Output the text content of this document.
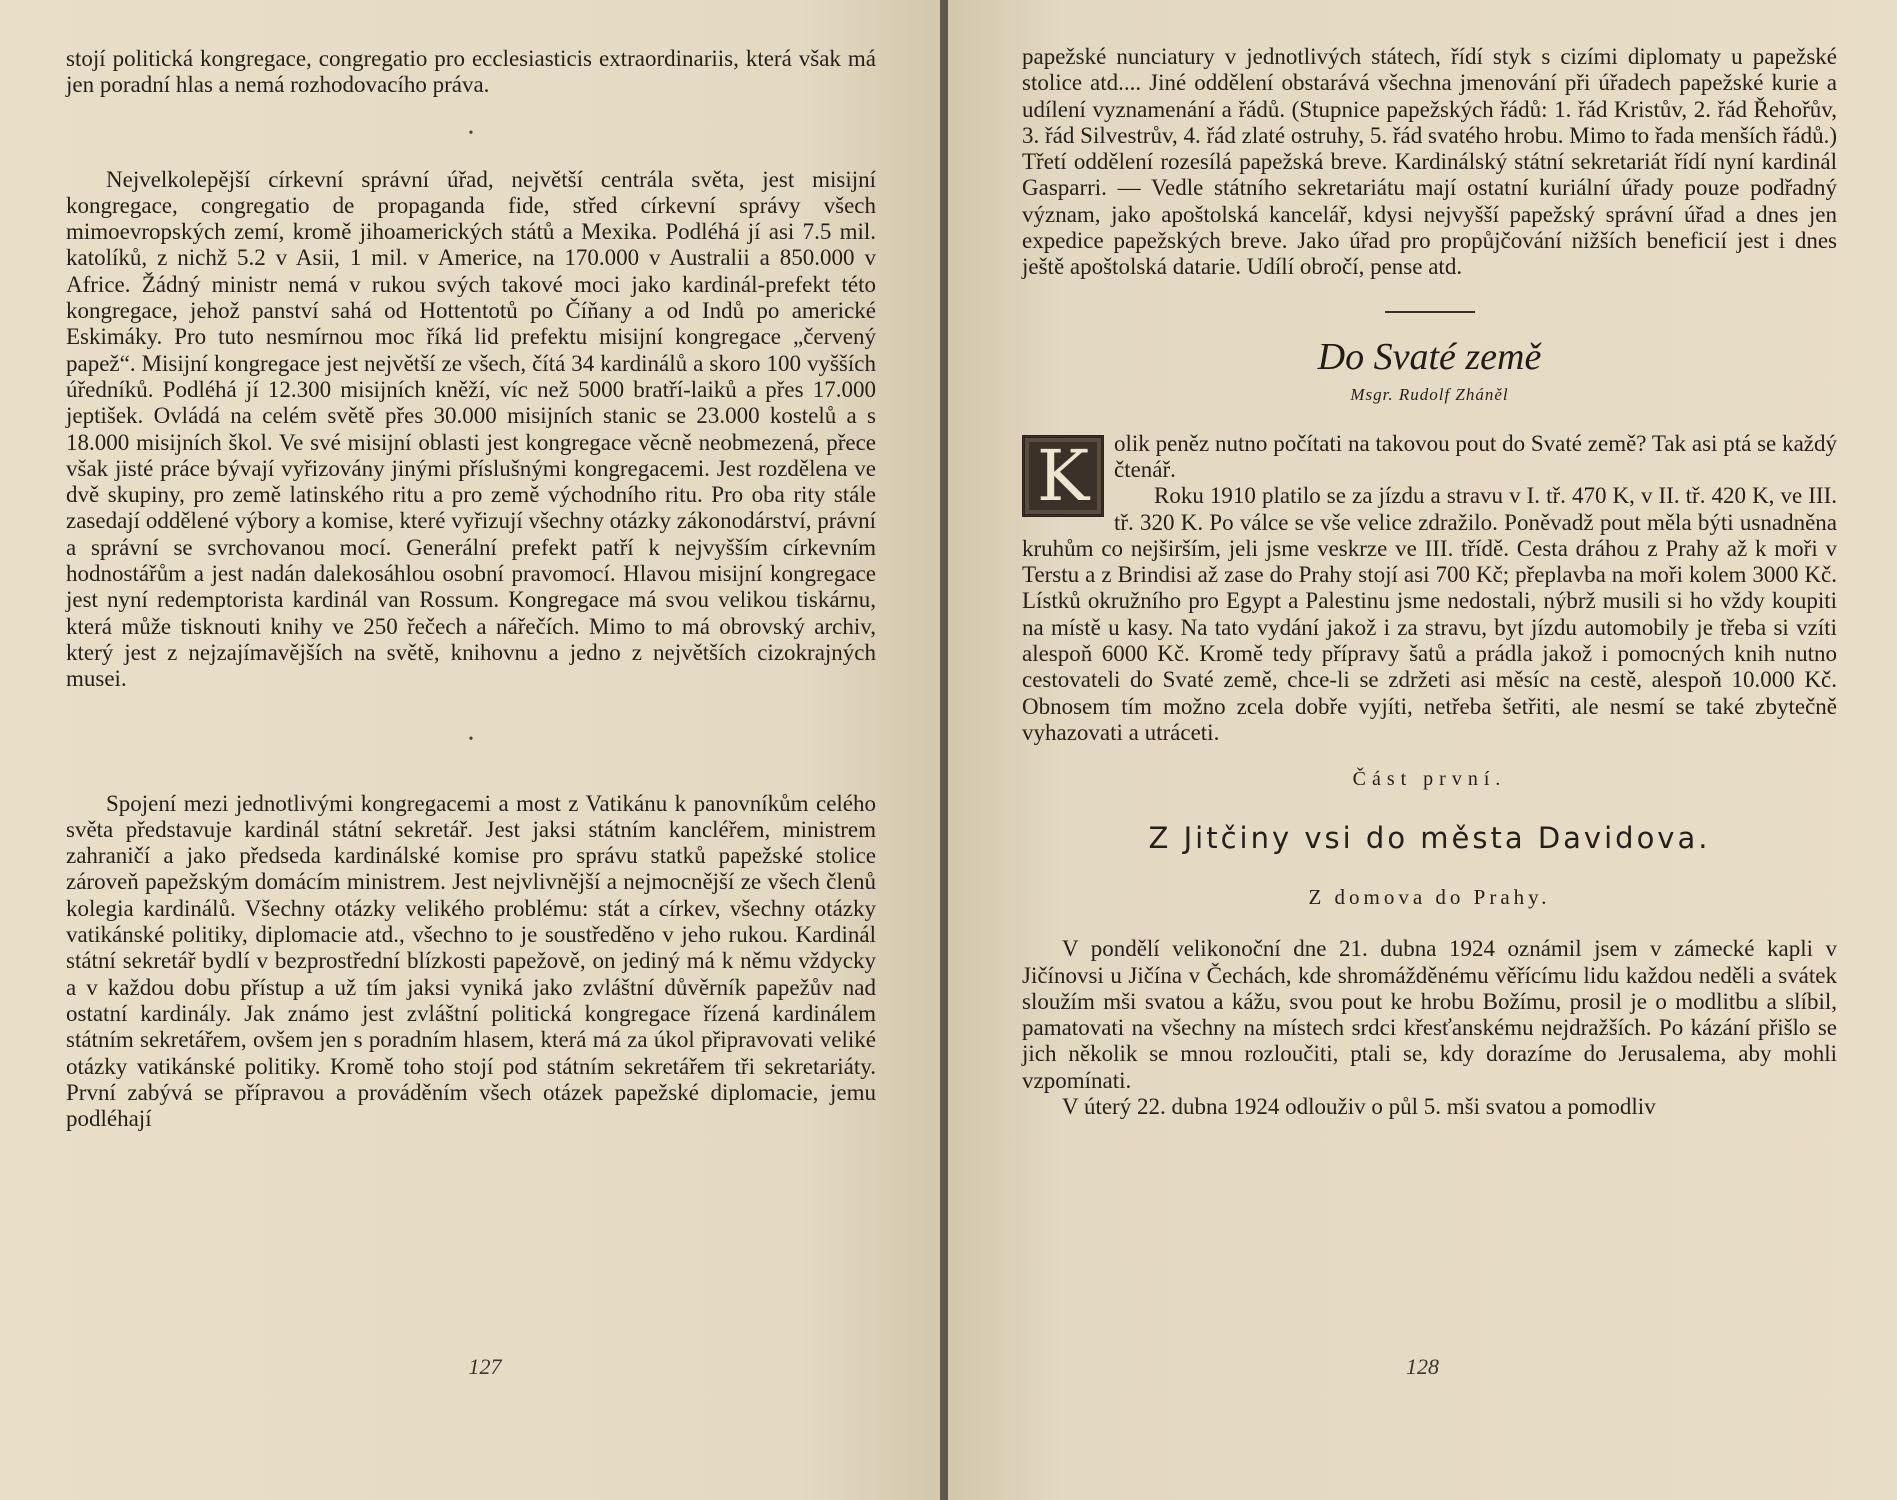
stojí politická kongregace, congregatio pro ecclesiasticis extraordinariis, která však má jen poradní hlas a nemá rozhodovacího práva.

•

Nejvelkolepější církevní správní úřad, největší centrála světa, jest misijní kongregace, congregatio de propaganda fide, střed církevní správy všech mimoevropských zemí, kromě jihoamerických států a Mexika. Podléhá jí asi 7.5 mil. katolíků, z nichž 5.2 v Asii, 1 mil. v Americe, na 170.000 v Australii a 850.000 v Africe. Žádný ministr nemá v rukou svých takové moci jako kardinál-prefekt této kongregace, jehož panství sahá od Hottentotů po Číňany a od Indů po americké Eskimáky. Pro tuto nesmírnou moc říká lid prefektu misijní kongregace „červený papež“. Misijní kongregace jest největší ze všech, čítá 34 kardinálů a skoro 100 vyšších úředníků. Podléhá jí 12.300 misijních kněží, víc než 5000 bratří-laiků a přes 17.000 jeptišek. Ovládá na celém světě přes 30.000 misijních stanic se 23.000 kostelů a s 18.000 misijních škol. Ve své misijní oblasti jest kongregace věcně neobmezená, přece však jisté práce bývají vyřizovány jinými příslušnými kongregacemi. Jest rozdělena ve dvě skupiny, pro země latinského ritu a pro země východního ritu. Pro oba rity stále zasedají oddělené výbory a komise, které vyřizují všechny otázky zákonodárství, právní a správní se svrchovanou mocí. Generální prefekt patří k nejvyšším církevním hodnostářům a jest nadán dalekosáhlou osobní pravomocí. Hlavou misijní kongregace jest nyní redemptorista kardinál van Rossum. Kongregace má svou velikou tiskárnu, která může tisknouti knihy ve 250 řečech a nářečích. Mimo to má obrovský archiv, který jest z nejzajímavějších na světě, knihovnu a jedno z největších cizokrajných musei.

•

Spojení mezi jednotlivými kongregacemi a most z Vatikánu k panovníkům celého světa představuje kardinál státní sekretář. Jest jaksi státním kancléřem, ministrem zahraničí a jako předseda kardinálské komise pro správu statků papežské stolice zároveň papežským domácím ministrem. Jest nejvlivnější a nejmocnější ze všech členů kolegia kardinálů. Všechny otázky velikého problému: stát a církev, všechny otázky vatikánské politiky, diplomacie atd., všechno to je soustředěno v jeho rukou. Kardinál státní sekretář bydlí v bezprostřední blízkosti papežově, on jediný má k němu vždycky a v každou dobu přístup a už tím jaksi vyniká jako zvláštní důvěrník papežův nad ostatní kardinály. Jak známo jest zvláštní politická kongregace řízená kardinálem státním sekretářem, ovšem jen s poradním hlasem, která má za úkol připravovati veliké otázky vatikánské politiky. Kromě toho stojí pod státním sekretářem tři sekretariáty. První zabývá se přípravou a prováděním všech otázek papežské diplomacie, jemu podléhají

127

papežské nunciatury v jednotlivých státech, řídí styk s cizími diplomaty u papežské stolice atd.... Jiné oddělení obstarává všechna jmenování při úřadech papežské kurie a udílení vyznamenání a řádů. (Stupnice papežských řádů: 1. řád Kristův, 2. řád Řehořův, 3. řád Silvestrův, 4. řád zlaté ostruhy, 5. řád svatého hrobu. Mimo to řada menších řádů.) Třetí oddělení rozesílá papežská breve. Kardinálský státní sekretariát řídí nyní kardinál Gasparri. — Vedle státního sekretariátu mají ostatní kuriální úřady pouze podřadný význam, jako apoštolská kancelář, kdysi nejvyšší papežský správní úřad a dnes jen expedice papežských breve. Jako úřad pro propůjčování nižších beneficií jest i dnes ještě apoštolská datarie. Udílí obročí, pense atd.

Do Svaté země
Msgr. Rudolf Zháněl
K	olik peněz nutno počítati na takovou pout do Svaté země? Tak asi ptá se každý čtenář.

Roku 1910 platilo se za jízdu a stravu v I. tř. 470 K, v II. tř. 420 K, ve III. tř. 320 K. Po válce se vše velice zdražilo. Poněvadž pout měla býti usnadněna kruhům co nejširším, jeli jsme veskrze ve III. třídě. Cesta dráhou z Prahy až k moři v Terstu a z Brindisi až zase do Prahy stojí asi 700 Kč; přeplavba na moři kolem 3000 Kč. Lístků okružního pro Egypt a Palestinu jsme nedostali, nýbrž musili si ho vždy koupiti na místě u kasy. Na tato vydání jakož i za stravu, byt jízdu automobily je třeba si vzíti alespoň 6000 Kč. Kromě tedy přípravy šatů a prádla jakož i pomocných knih nutno cestovateli do Svaté země, chce-li se zdržeti asi měsíc na cestě, alespoň 10.000 Kč. Obnosem tím možno zcela dobře vyjíti, netřeba šetřiti, ale nesmí se také zbytečně vyhazovati a utráceti.

Část první.
Z Jitčiny vsi do města Davidova.
Z domova do Prahy.

V pondělí velikonoční dne 21. dubna 1924 oznámil jsem v zámecké kapli v Jičínovsi u Jičína v Čechách, kde shromážděnému věřícímu lidu každou neděli a svátek sloužím mši svatou a kážu, svou pout ke hrobu Božímu, prosil je o modlitbu a slíbil, pamatovati na všechny na místech srdci křesťanskému nejdražších. Po kázání přišlo se jich několik se mnou rozloučiti, ptali se, kdy dorazíme do Jerusalema, aby mohli vzpomínati.

V úterý 22. dubna 1924 odlouživ o půl 5. mši svatou a pomodliv

128
